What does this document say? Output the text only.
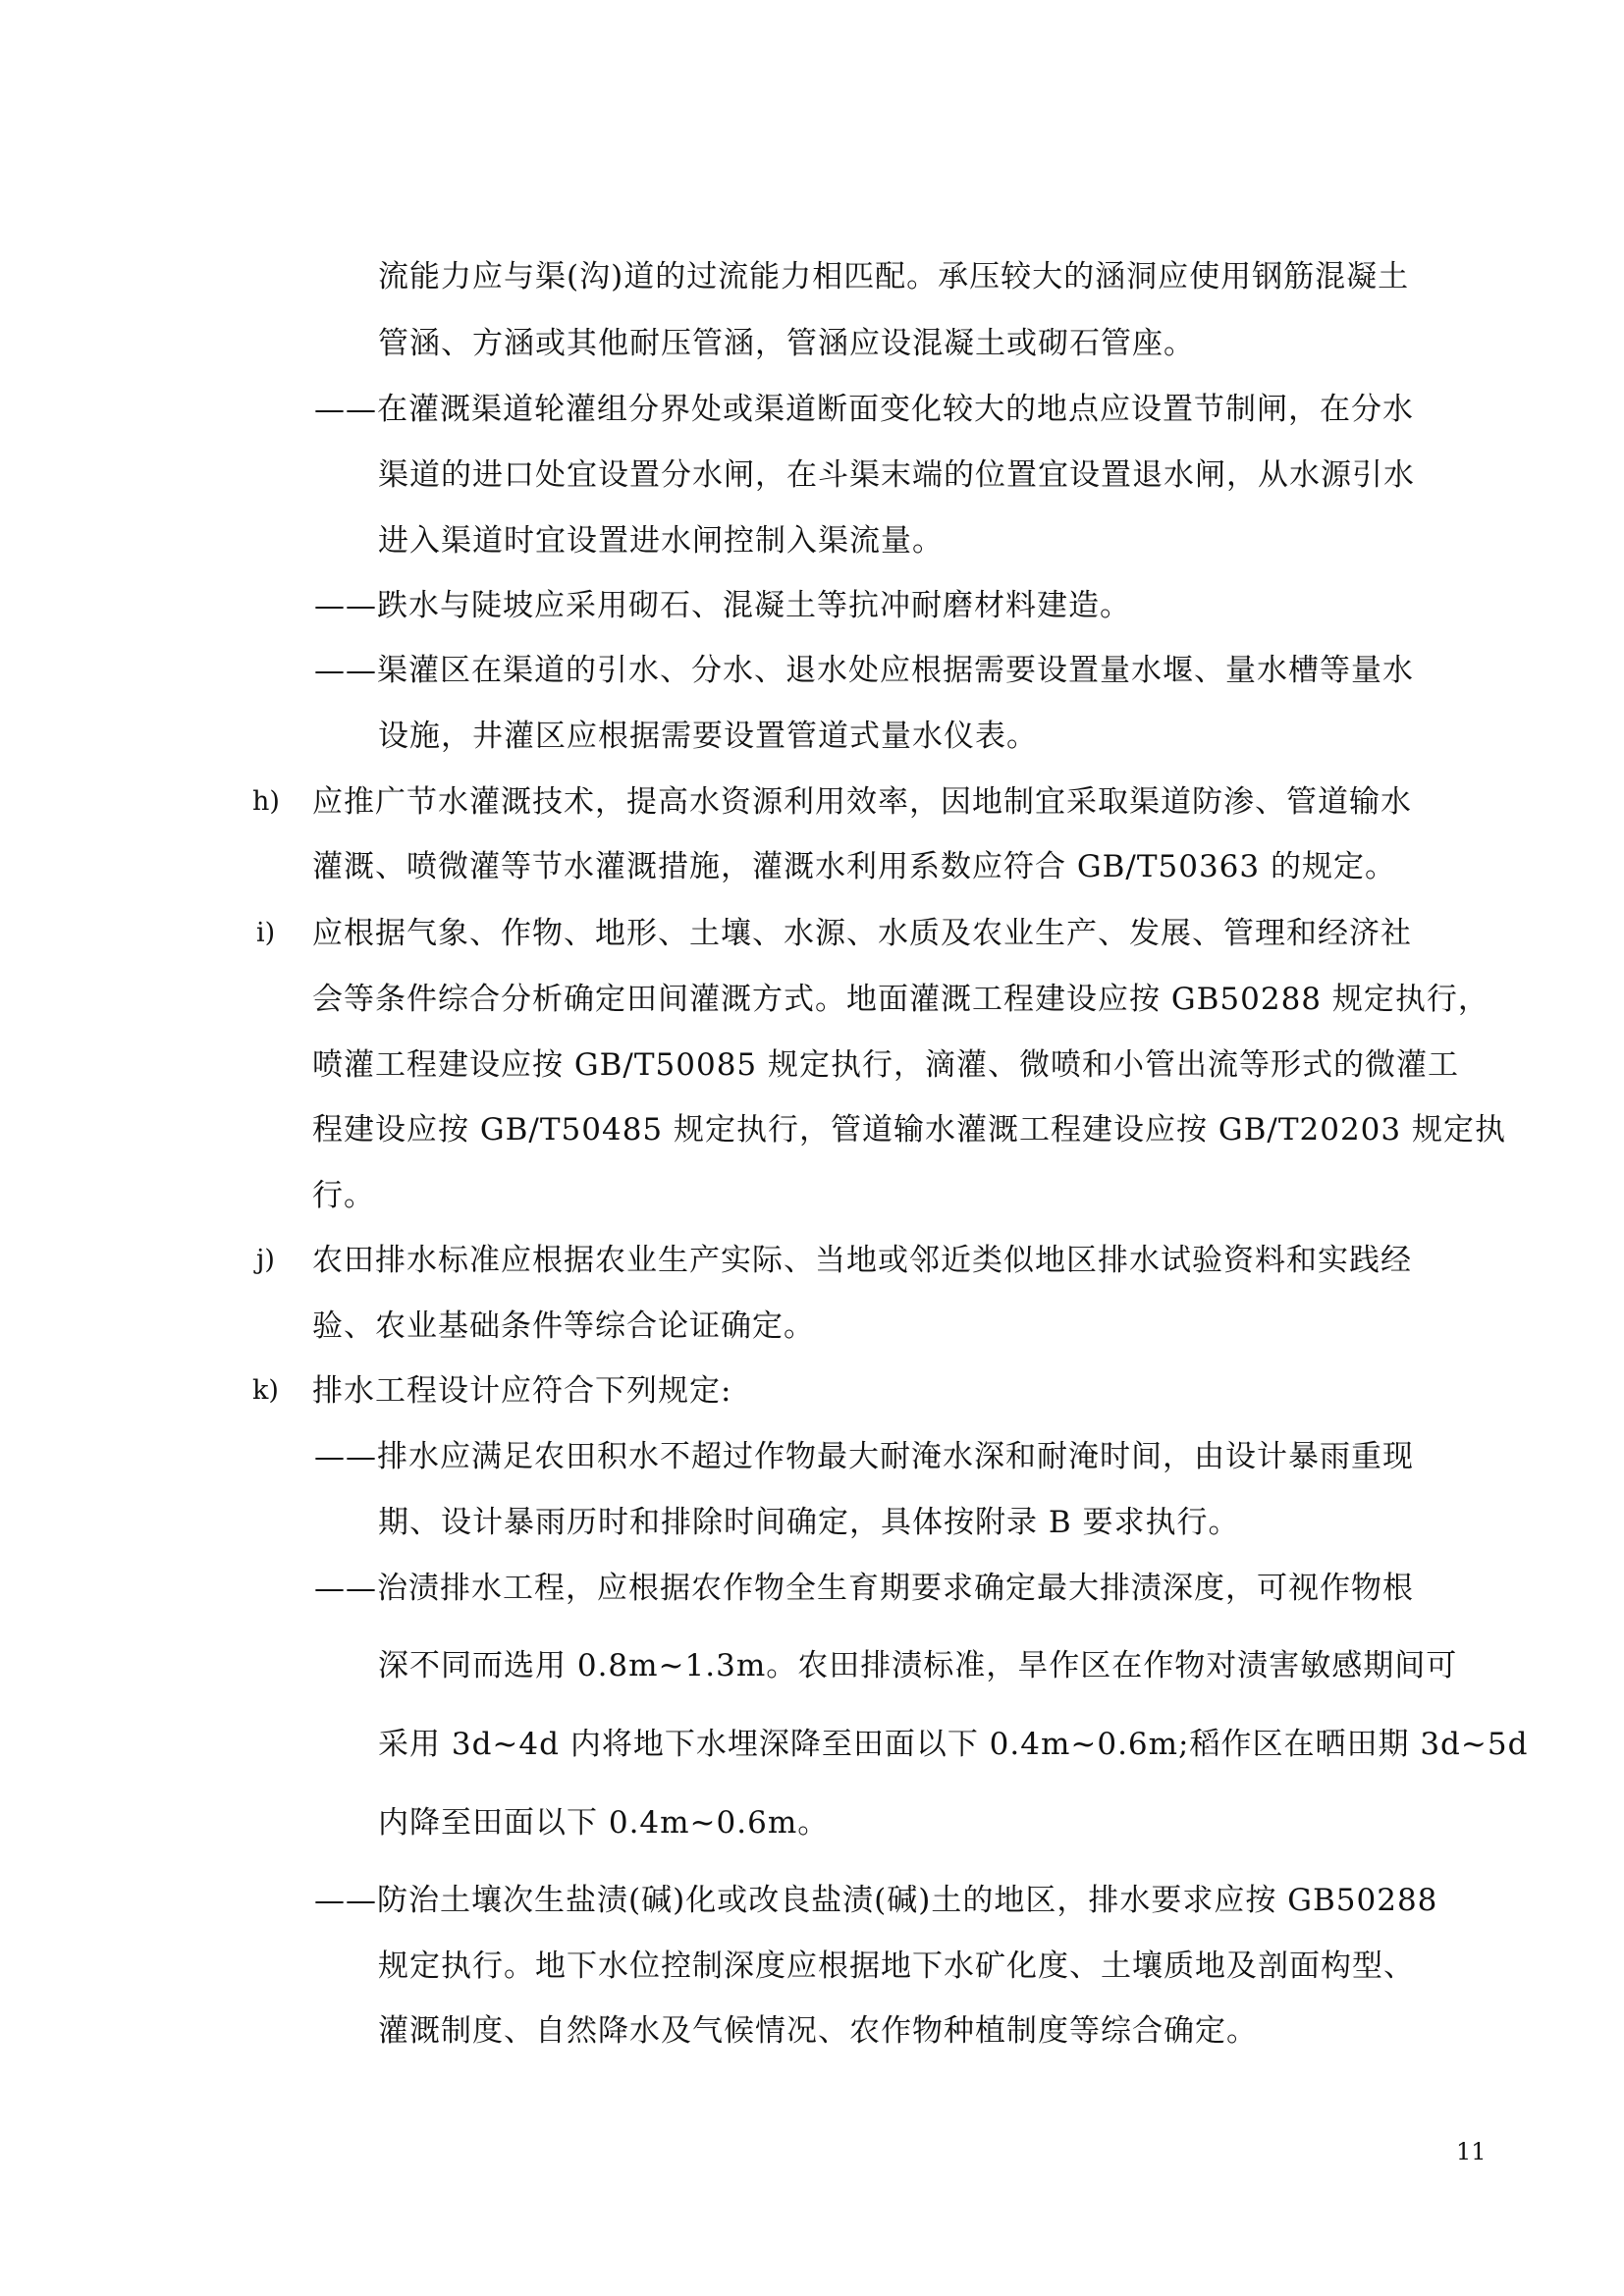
流能力应与渠(沟)道的过流能力相匹配。承压较大的涵洞应使用钢筋混凝土
管涵、方涵或其他耐压管涵，管涵应设混凝土或砌石管座。
——在灌溉渠道轮灌组分界处或渠道断面变化较大的地点应设置节制闸，在分水
渠道的进口处宜设置分水闸，在斗渠末端的位置宜设置退水闸，从水源引水
进入渠道时宜设置进水闸控制入渠流量。
——跌水与陡坡应采用砌石、混凝土等抗冲耐磨材料建造。
——渠灌区在渠道的引水、分水、退水处应根据需要设置量水堰、量水槽等量水
设施，井灌区应根据需要设置管道式量水仪表。
h) 应推广节水灌溉技术，提高水资源利用效率，因地制宜采取渠道防渗、管道输水
灌溉、喷微灌等节水灌溉措施，灌溉水利用系数应符合 GB/T50363 的规定。
i) 应根据气象、作物、地形、土壤、水源、水质及农业生产、发展、管理和经济社
会等条件综合分析确定田间灌溉方式。地面灌溉工程建设应按 GB50288 规定执行，
喷灌工程建设应按 GB/T50085 规定执行，滴灌、微喷和小管出流等形式的微灌工
程建设应按 GB/T50485 规定执行，管道输水灌溉工程建设应按 GB/T20203 规定执
行。
j) 农田排水标准应根据农业生产实际、当地或邻近类似地区排水试验资料和实践经
验、农业基础条件等综合论证确定。
k) 排水工程设计应符合下列规定:
——排水应满足农田积水不超过作物最大耐淹水深和耐淹时间，由设计暴雨重现
期、设计暴雨历时和排除时间确定，具体按附录 B 要求执行。
——治渍排水工程，应根据农作物全生育期要求确定最大排渍深度，可视作物根
深不同而选用 0.8m~1.3m。农田排渍标准，旱作区在作物对渍害敏感期间可
采用 3d~4d 内将地下水埋深降至田面以下 0.4m~0.6m;稻作区在晒田期 3d~5d
内降至田面以下 0.4m~0.6m。
——防治土壤次生盐渍(碱)化或改良盐渍(碱)土的地区，排水要求应按 GB50288
规定执行。地下水位控制深度应根据地下水矿化度、土壤质地及剖面构型、
灌溉制度、自然降水及气候情况、农作物种植制度等综合确定。
11
